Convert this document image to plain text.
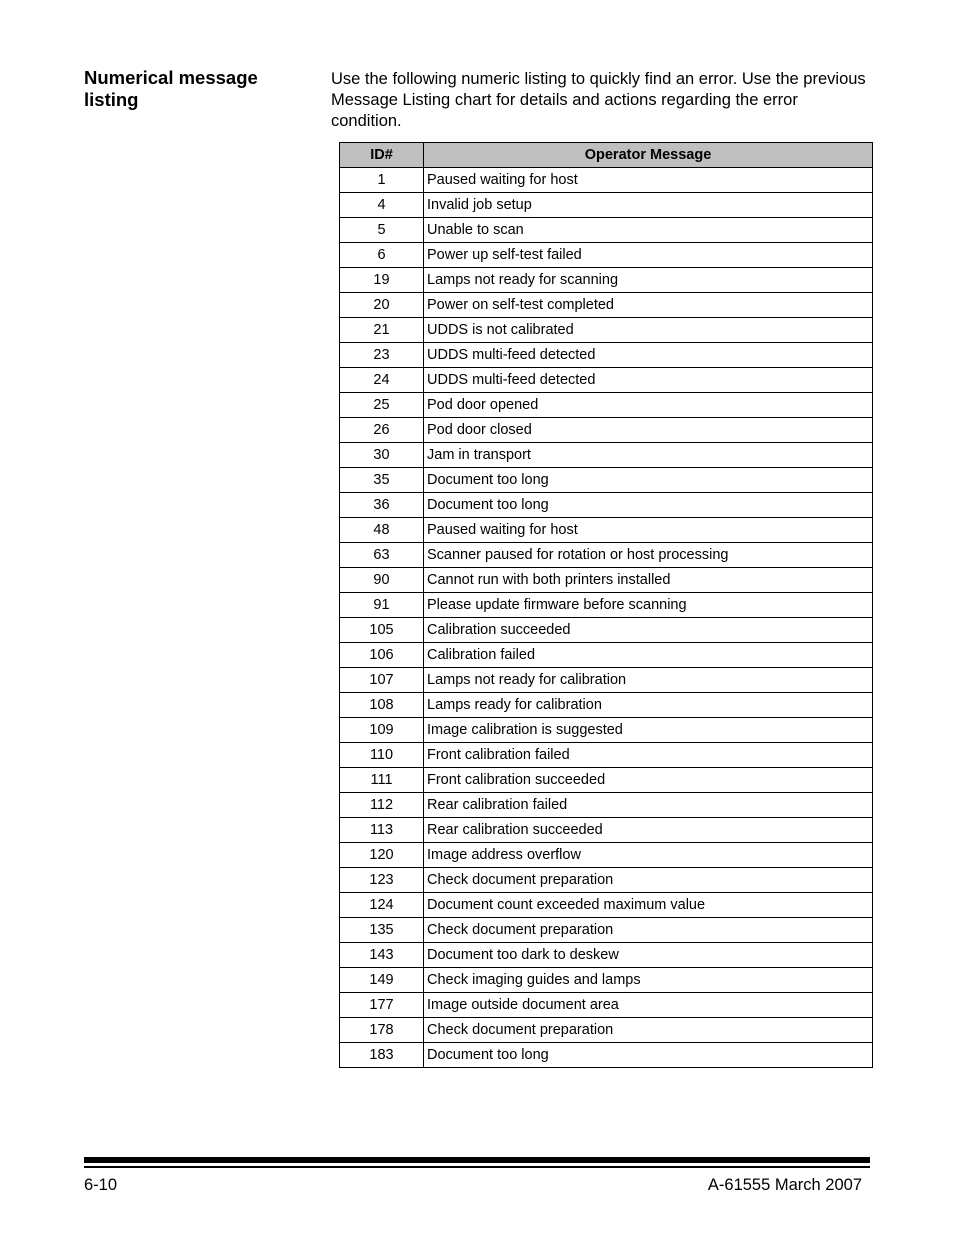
Numerical message listing

Use the following numeric listing to quickly find an error. Use the previous Message Listing chart for details and actions regarding the error condition.

ID#	Operator Message
1	Paused waiting for host
4	Invalid job setup
5	Unable to scan
6	Power up self-test failed
19	Lamps not ready for scanning
20	Power on self-test completed
21	UDDS is not calibrated
23	UDDS multi-feed detected
24	UDDS multi-feed detected
25	Pod door opened
26	Pod door closed
30	Jam in transport
35	Document too long
36	Document too long
48	Paused waiting for host
63	Scanner paused for rotation or host processing
90	Cannot run with both printers installed
91	Please update firmware before scanning
105	Calibration succeeded
106	Calibration failed
107	Lamps not ready for calibration
108	Lamps ready for calibration
109	Image calibration is suggested
110	Front calibration failed
111	Front calibration succeeded
112	Rear calibration failed
113	Rear calibration succeeded
120	Image address overflow
123	Check document preparation
124	Document count exceeded maximum value
135	Check document preparation
143	Document too dark to deskew
149	Check imaging guides and lamps
177	Image outside document area
178	Check document preparation
183	Document too long
6-10	A-61555 March 2007
